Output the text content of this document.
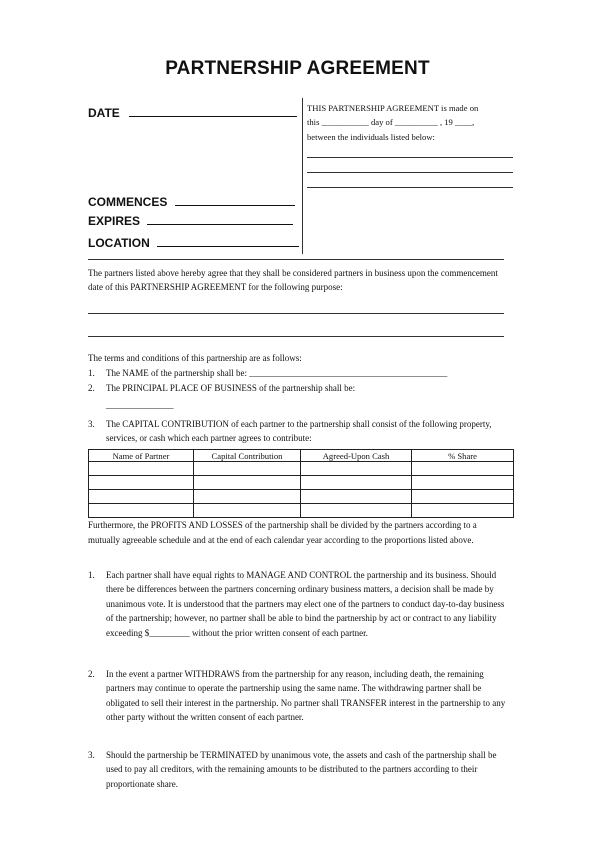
PARTNERSHIP AGREEMENT
DATE
COMMENCES
EXPIRES
LOCATION
THIS PARTNERSHIP AGREEMENT is made on
this ___________ day of __________ , 19 ____,
between the individuals listed below:
The partners listed above hereby agree that they shall be considered partners in business upon the commencement date of this PARTNERSHIP AGREEMENT for the following purpose:
The terms and conditions of this partnership are as follows:
1. The NAME of the partnership shall be: ____________________________________________
2. The PRINCIPAL PLACE OF BUSINESS of the partnership shall be:
_______________
3. The CAPITAL CONTRIBUTION of each partner to the partnership shall consist of the following property, services, or cash which each partner agrees to contribute:
Name of Partner	Capital Contribution	Agreed-Upon Cash	% Share

Furthermore, the PROFITS AND LOSSES of the partnership shall be divided by the partners according to a mutually agreeable schedule and at the end of each calendar year according to the proportions listed above.
1. Each partner shall have equal rights to MANAGE AND CONTROL the partnership and its business. Should there be differences between the partners concerning ordinary business matters, a decision shall be made by unanimous vote. It is understood that the partners may elect one of the partners to conduct day-to-day business of the partnership; however, no partner shall be able to bind the partnership by act or contract to any liability exceeding $_________ without the prior written consent of each partner.
2. In the event a partner WITHDRAWS from the partnership for any reason, including death, the remaining partners may continue to operate the partnership using the same name. The withdrawing partner shall be obligated to sell their interest in the partnership. No partner shall TRANSFER interest in the partnership to any other party without the written consent of each partner.
3. Should the partnership be TERMINATED by unanimous vote, the assets and cash of the partnership shall be used to pay all creditors, with the remaining amounts to be distributed to the partners according to their proportionate share.
